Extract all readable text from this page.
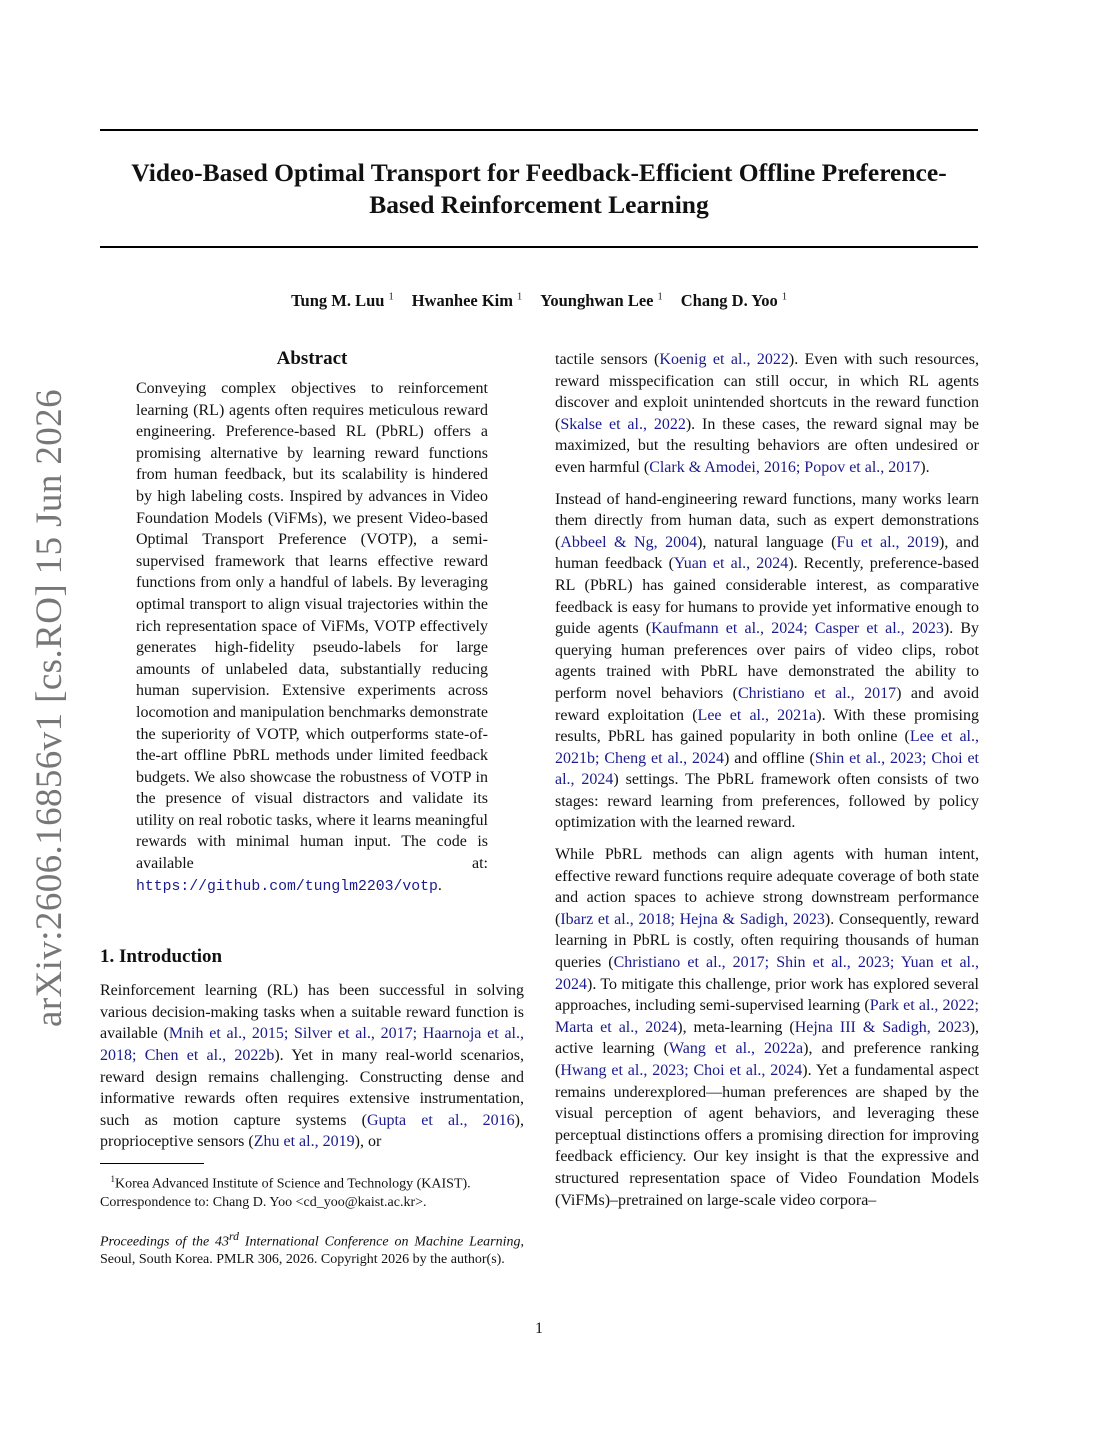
Video-Based Optimal Transport for Feedback-Efficient Offline Preference-Based Reinforcement Learning
Tung M. Luu $^1$ Hwanhee Kim $^1$ Younghwan Lee $^1$ Chang D. Yoo $^1$
arXiv:2606.16856v1 [cs.RO] 15 Jun 2026
Abstract
Conveying complex objectives to reinforcement learning (RL) agents often requires meticulous reward engineering. Preference-based RL (PbRL) offers a promising alternative by learning reward functions from human feedback, but its scalability is hindered by high labeling costs. Inspired by advances in Video Foundation Models (ViFMs), we present Video-based Optimal Transport Preference (VOTP), a semi-supervised framework that learns effective reward functions from only a handful of labels. By leveraging optimal transport to align visual trajectories within the rich representation space of ViFMs, VOTP effectively generates high-fidelity pseudo-labels for large amounts of unlabeled data, substantially reducing human supervision. Extensive experiments across locomotion and manipulation benchmarks demonstrate the superiority of VOTP, which outperforms state-of-the-art offline PbRL methods under limited feedback budgets. We also showcase the robustness of VOTP in the presence of visual distractors and validate its utility on real robotic tasks, where it learns meaningful rewards with minimal human input. The code is available at: https://github.com/tunglm2203/votp.
1. Introduction

Reinforcement learning (RL) has been successful in solving various decision-making tasks when a suitable reward function is available (Mnih et al., 2015; Silver et al., 2017; Haarnoja et al., 2018; Chen et al., 2022b). Yet in many real-world scenarios, reward design remains challenging. Constructing dense and informative rewards often requires extensive instrumentation, such as motion capture systems (Gupta et al., 2016), proprioceptive sensors (Zhu et al., 2019), or

$^1$Korea Advanced Institute of Science and Technology (KAIST).
Correspondence to: Chang D. Yoo <cd_yoo@kaist.ac.kr>.
Proceedings of the 43rd International Conference on Machine Learning, Seoul, South Korea. PMLR 306, 2026. Copyright 2026 by the author(s).

tactile sensors (Koenig et al., 2022). Even with such resources, reward misspecification can still occur, in which RL agents discover and exploit unintended shortcuts in the reward function (Skalse et al., 2022). In these cases, the reward signal may be maximized, but the resulting behaviors are often undesired or even harmful (Clark & Amodei, 2016; Popov et al., 2017).

Instead of hand-engineering reward functions, many works learn them directly from human data, such as expert demonstrations (Abbeel & Ng, 2004), natural language (Fu et al., 2019), and human feedback (Yuan et al., 2024). Recently, preference-based RL (PbRL) has gained considerable interest, as comparative feedback is easy for humans to provide yet informative enough to guide agents (Kaufmann et al., 2024; Casper et al., 2023). By querying human preferences over pairs of video clips, robot agents trained with PbRL have demonstrated the ability to perform novel behaviors (Christiano et al., 2017) and avoid reward exploitation (Lee et al., 2021a). With these promising results, PbRL has gained popularity in both online (Lee et al., 2021b; Cheng et al., 2024) and offline (Shin et al., 2023; Choi et al., 2024) settings. The PbRL framework often consists of two stages: reward learning from preferences, followed by policy optimization with the learned reward.

While PbRL methods can align agents with human intent, effective reward functions require adequate coverage of both state and action spaces to achieve strong downstream performance (Ibarz et al., 2018; Hejna & Sadigh, 2023). Consequently, reward learning in PbRL is costly, often requiring thousands of human queries (Christiano et al., 2017; Shin et al., 2023; Yuan et al., 2024). To mitigate this challenge, prior work has explored several approaches, including semi-supervised learning (Park et al., 2022; Marta et al., 2024), meta-learning (Hejna III & Sadigh, 2023), active learning (Wang et al., 2022a), and preference ranking (Hwang et al., 2023; Choi et al., 2024). Yet a fundamental aspect remains underexplored—human preferences are shaped by the visual perception of agent behaviors, and leveraging these perceptual distinctions offers a promising direction for improving feedback efficiency. Our key insight is that the expressive and structured representation space of Video Foundation Models (ViFMs)–pretrained on large-scale video corpora–

1
